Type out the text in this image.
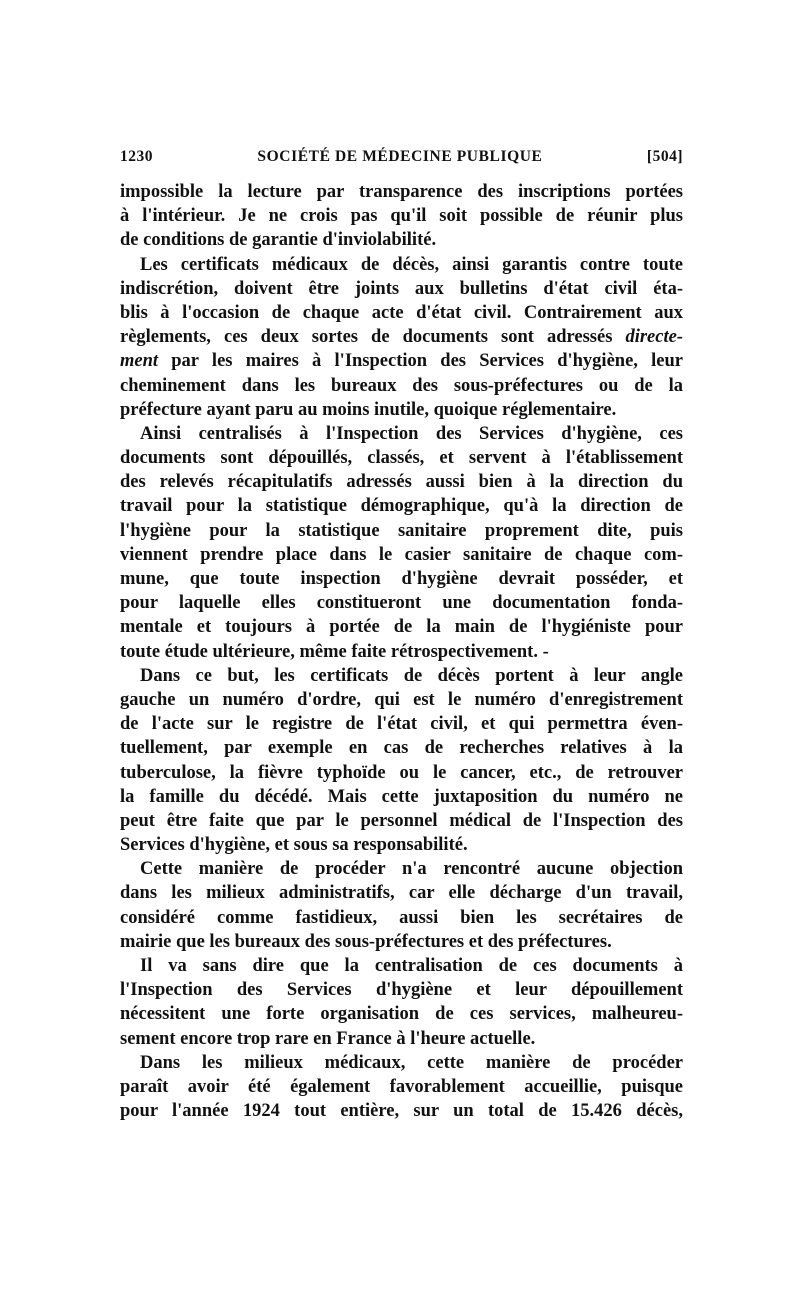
1230	SOCIÉTÉ DE MÉDECINE PUBLIQUE	[504]
impossible la lecture par transparence des inscriptions portées
à l'intérieur. Je ne crois pas qu'il soit possible de réunir plus
de conditions de garantie d'inviolabilité.
Les certificats médicaux de décès, ainsi garantis contre toute
indiscrétion, doivent être joints aux bulletins d'état civil éta-
blis à l'occasion de chaque acte d'état civil. Contrairement aux
règlements, ces deux sortes de documents sont adressés directe-
ment par les maires à l'Inspection des Services d'hygiène, leur
cheminement dans les bureaux des sous-préfectures ou de la
préfecture ayant paru au moins inutile, quoique réglementaire.
Ainsi centralisés à l'Inspection des Services d'hygiène, ces
documents sont dépouillés, classés, et servent à l'établissement
des relevés récapitulatifs adressés aussi bien à la direction du
travail pour la statistique démographique, qu'à la direction de
l'hygiène pour la statistique sanitaire proprement dite, puis
viennent prendre place dans le casier sanitaire de chaque com-
mune, que toute inspection d'hygiène devrait posséder, et
pour laquelle elles constitueront une documentation fonda-
mentale et toujours à portée de la main de l'hygiéniste pour
toute étude ultérieure, même faite rétrospectivement. -
Dans ce but, les certificats de décès portent à leur angle
gauche un numéro d'ordre, qui est le numéro d'enregistrement
de l'acte sur le registre de l'état civil, et qui permettra éven-
tuellement, par exemple en cas de recherches relatives à la
tuberculose, la fièvre typhoïde ou le cancer, etc., de retrouver
la famille du décédé. Mais cette juxtaposition du numéro ne
peut être faite que par le personnel médical de l'Inspection des
Services d'hygiène, et sous sa responsabilité.
Cette manière de procéder n'a rencontré aucune objection
dans les milieux administratifs, car elle décharge d'un travail,
considéré comme fastidieux, aussi bien les secrétaires de
mairie que les bureaux des sous-préfectures et des préfectures.
Il va sans dire que la centralisation de ces documents à
l'Inspection des Services d'hygiène et leur dépouillement
nécessitent une forte organisation de ces services, malheureu-
sement encore trop rare en France à l'heure actuelle.
Dans les milieux médicaux, cette manière de procéder
paraît avoir été également favorablement accueillie, puisque
pour l'année 1924 tout entière, sur un total de 15.426 décès,
